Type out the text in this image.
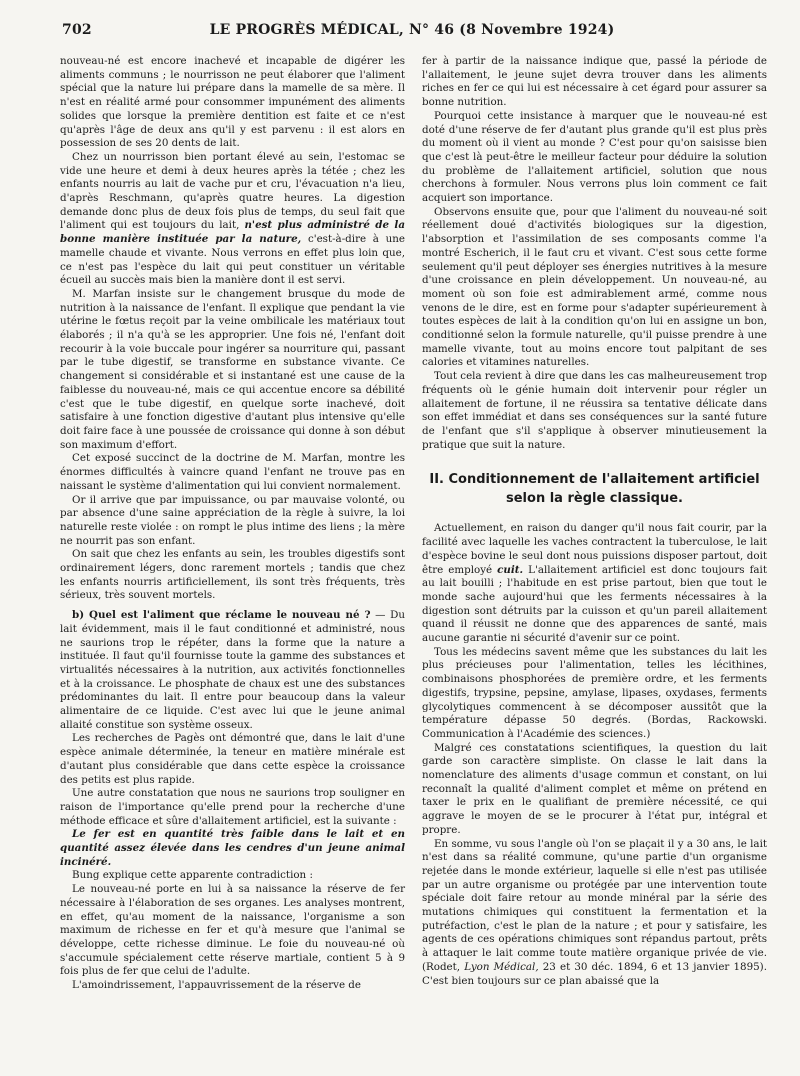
702	LE PROGRÈS MÉDICAL, N° 46 (8 Novembre 1924)

nouveau-né est encore inachevé et incapable de digérer les aliments communs ; le nourrisson ne peut élaborer que l'aliment spécial que la nature lui prépare dans la mamelle de sa mère. Il n'est en réalité armé pour consommer impunément des aliments solides que lorsque la première dentition est faite et ce n'est qu'après l'âge de deux ans qu'il y est parvenu : il est alors en possession de ses 20 dents de lait.

Chez un nourrisson bien portant élevé au sein, l'estomac se vide une heure et demi à deux heures après la tétée ; chez les enfants nourris au lait de vache pur et cru, l'évacuation n'a lieu, d'après Reschmann, qu'après quatre heures. La digestion demande donc plus de deux fois plus de temps, du seul fait que l'aliment qui est toujours du lait, n'est plus administré de la bonne manière instituée par la nature, c'est-à-dire à une mamelle chaude et vivante. Nous verrons en effet plus loin que, ce n'est pas l'espèce du lait qui peut constituer un véritable écueil au succès mais bien la manière dont il est servi.

M. Marfan insiste sur le changement brusque du mode de nutrition à la naissance de l'enfant. Il explique que pendant la vie utérine le fœtus reçoit par la veine ombilicale les matériaux tout élaborés ; il n'a qu'à se les approprier. Une fois né, l'enfant doit recourir à la voie buccale pour ingérer sa nourriture qui, passant par le tube digestif, se transforme en substance vivante. Ce changement si considérable et si instantané est une cause de la faiblesse du nouveau-né, mais ce qui accentue encore sa débilité c'est que le tube digestif, en quelque sorte inachevé, doit satisfaire à une fonction digestive d'autant plus intensive qu'elle doit faire face à une poussée de croissance qui donne à son début son maximum d'effort.

Cet exposé succinct de la doctrine de M. Marfan, montre les énormes difficultés à vaincre quand l'enfant ne trouve pas en naissant le système d'alimentation qui lui convient normalement.

Or il arrive que par impuissance, ou par mauvaise volonté, ou par absence d'une saine appréciation de la règle à suivre, la loi naturelle reste violée : on rompt le plus intime des liens ; la mère ne nourrit pas son enfant.

On sait que chez les enfants au sein, les troubles digestifs sont ordinairement légers, donc rarement mortels ; tandis que chez les enfants nourris artificiellement, ils sont très fréquents, très sérieux, très souvent mortels.

b) Quel est l'aliment que réclame le nouveau né ? — Du lait évidemment, mais il le faut conditionné et administré, nous ne saurions trop le répéter, dans la forme que la nature a instituée. Il faut qu'il fournisse toute la gamme des substances et virtualités nécessaires à la nutrition, aux activités fonctionnelles et à la croissance. Le phosphate de chaux est une des substances prédominantes du lait. Il entre pour beaucoup dans la valeur alimentaire de ce liquide. C'est avec lui que le jeune animal allaité constitue son système osseux.

Les recherches de Pagès ont démontré que, dans le lait d'une espèce animale déterminée, la teneur en matière minérale est d'autant plus considérable que dans cette espèce la croissance des petits est plus rapide.

Une autre constatation que nous ne saurions trop souligner en raison de l'importance qu'elle prend pour la recherche d'une méthode efficace et sûre d'allaitement artificiel, est la suivante :

Le fer est en quantité très faible dans le lait et en quantité assez élevée dans les cendres d'un jeune animal incinéré.

Bung explique cette apparente contradiction :

Le nouveau-né porte en lui à sa naissance la réserve de fer nécessaire à l'élaboration de ses organes. Les analyses montrent, en effet, qu'au moment de la naissance, l'organisme a son maximum de richesse en fer et qu'à mesure que l'animal se développe, cette richesse diminue. Le foie du nouveau-né où s'accumule spécialement cette réserve martiale, contient 5 à 9 fois plus de fer que celui de l'adulte.

L'amoindrissement, l'appauvrissement de la réserve de

fer à partir de la naissance indique que, passé la période de l'allaitement, le jeune sujet devra trouver dans les aliments riches en fer ce qui lui est nécessaire à cet égard pour assurer sa bonne nutrition.

Pourquoi cette insistance à marquer que le nouveau-né est doté d'une réserve de fer d'autant plus grande qu'il est plus près du moment où il vient au monde ? C'est pour qu'on saisisse bien que c'est là peut-être le meilleur facteur pour déduire la solution du problème de l'allaitement artificiel, solution que nous cherchons à formuler. Nous verrons plus loin comment ce fait acquiert son importance.

Observons ensuite que, pour que l'aliment du nouveau-né soit réellement doué d'activités biologiques sur la digestion, l'absorption et l'assimilation de ses composants comme l'a montré Escherich, il le faut cru et vivant. C'est sous cette forme seulement qu'il peut déployer ses énergies nutritives à la mesure d'une croissance en plein développement. Un nouveau-né, au moment où son foie est admirablement armé, comme nous venons de le dire, est en forme pour s'adapter supérieurement à toutes espèces de lait à la condition qu'on lui en assigne un bon, conditionné selon la formule naturelle, qu'il puisse prendre à une mamelle vivante, tout au moins encore tout palpitant de ses calories et vitamines naturelles.

Tout cela revient à dire que dans les cas malheureusement trop fréquents où le génie humain doit intervenir pour régler un allaitement de fortune, il ne réussira sa tentative délicate dans son effet immédiat et dans ses conséquences sur la santé future de l'enfant que s'il s'applique à observer minutieusement la pratique que suit la nature.

II. Conditionnement de l'allaitement artificiel
selon la règle classique.

Actuellement, en raison du danger qu'il nous fait courir, par la facilité avec laquelle les vaches contractent la tuberculose, le lait d'espèce bovine le seul dont nous puissions disposer partout, doit être employé cuit. L'allaitement artificiel est donc toujours fait au lait bouilli ; l'habitude en est prise partout, bien que tout le monde sache aujourd'hui que les ferments nécessaires à la digestion sont détruits par la cuisson et qu'un pareil allaitement quand il réussit ne donne que des apparences de santé, mais aucune garantie ni sécurité d'avenir sur ce point.

Tous les médecins savent même que les substances du lait les plus précieuses pour l'alimentation, telles les lécithines, combinaisons phosphorées de première ordre, et les ferments digestifs, trypsine, pepsine, amylase, lipases, oxydases, ferments glycolytiques commencent à se décomposer aussitôt que la température dépasse 50 degrés. (Bordas, Rackowski. Communication à l'Académie des sciences.)

Malgré ces constatations scientifiques, la question du lait garde son caractère simpliste. On classe le lait dans la nomenclature des aliments d'usage commun et constant, on lui reconnaît la qualité d'aliment complet et même on prétend en taxer le prix en le qualifiant de première nécessité, ce qui aggrave le moyen de se le procurer à l'état pur, intégral et propre.

En somme, vu sous l'angle où l'on se plaçait il y a 30 ans, le lait n'est dans sa réalité commune, qu'une partie d'un organisme rejetée dans le monde extérieur, laquelle si elle n'est pas utilisée par un autre organisme ou protégée par une intervention toute spéciale doit faire retour au monde minéral par la série des mutations chimiques qui constituent la fermentation et la putréfaction, c'est le plan de la nature ; et pour y satisfaire, les agents de ces opérations chimiques sont répandus partout, prêts à attaquer le lait comme toute matière organique privée de vie. (Rodet, Lyon Médical, 23 et 30 déc. 1894, 6 et 13 janvier 1895). C'est bien toujours sur ce plan abaissé que la
